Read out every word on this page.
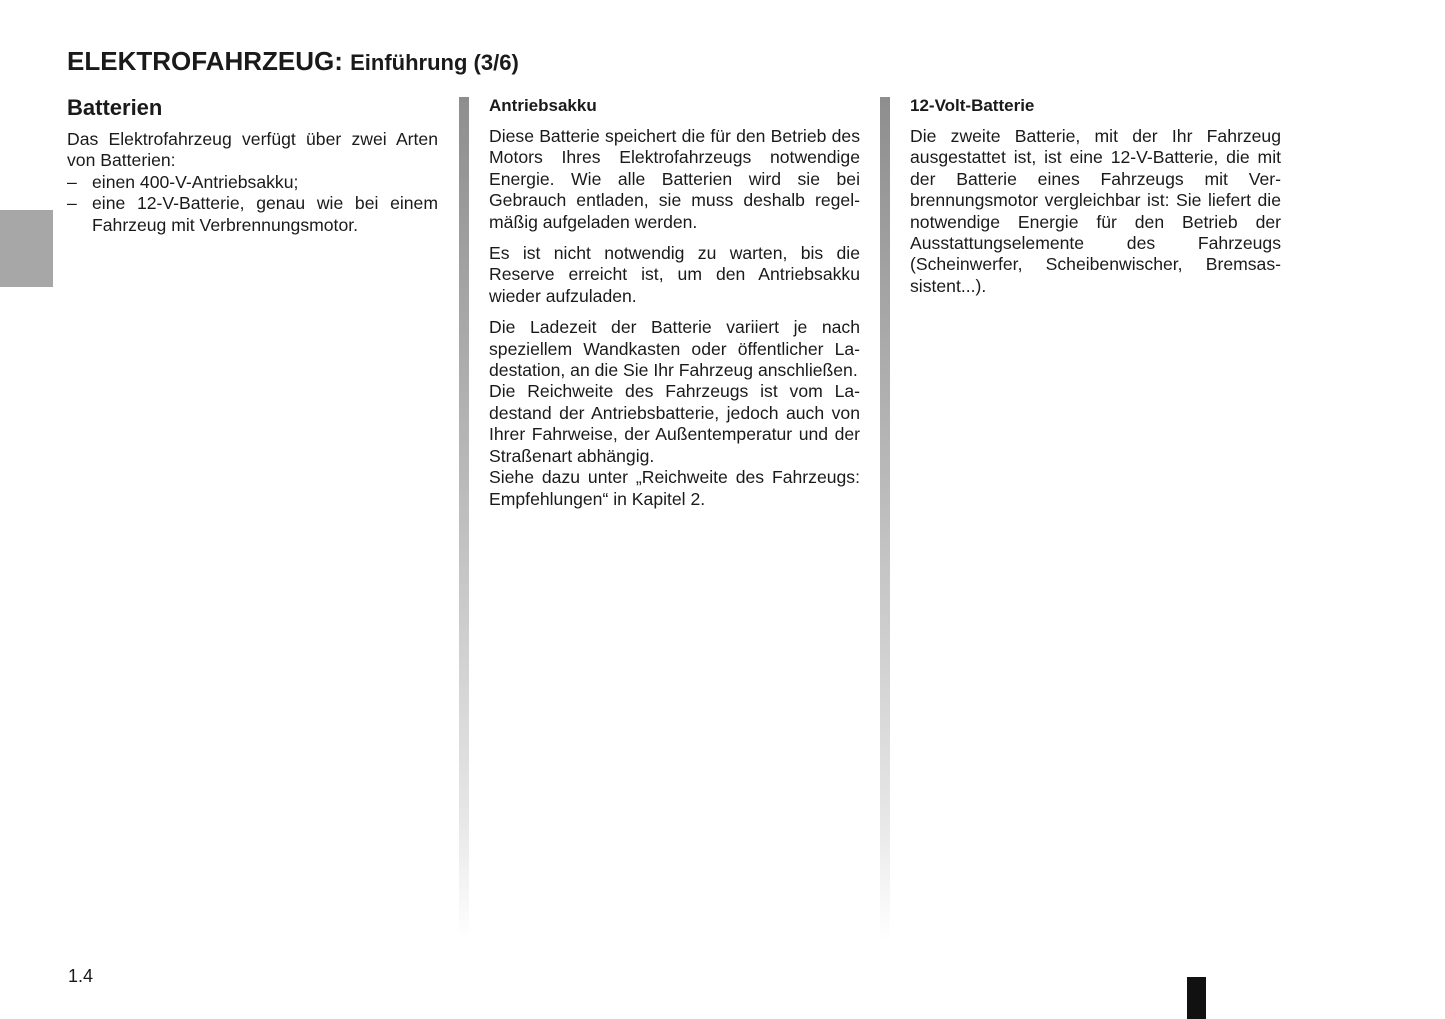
ELEKTROFAHRZEUG: Einführung (3/6)
Batterien

Das Elektrofahrzeug verfügt über zwei Arten von Batterien:

– einen 400-V-Antriebsakku;
– eine 12-V-Batterie, genau wie bei einem Fahrzeug mit Verbrennungsmotor.
Antriebsakku

Diese Batterie speichert die für den Betrieb des Motors Ihres Elektrofahrzeugs notwendige Energie. Wie alle Batterien wird sie bei Gebrauch entladen, sie muss deshalb regelmäßig aufgeladen werden.

Es ist nicht notwendig zu warten, bis die Reserve erreicht ist, um den Antriebsakku wieder aufzuladen.

Die Ladezeit der Batterie variiert je nach speziellem Wandkasten oder öffentlicher Ladestation, an die Sie Ihr Fahrzeug anschließen.

Die Reichweite des Fahrzeugs ist vom Ladestand der Antriebsbatterie, jedoch auch von Ihrer Fahrweise, der Außentemperatur und der Straßenart abhängig.

Siehe dazu unter „Reichweite des Fahrzeugs: Empfehlungen“ in Kapitel 2.

12-Volt-Batterie

Die zweite Batterie, mit der Ihr Fahrzeug ausgestattet ist, ist eine 12-V-Batterie, die mit der Batterie eines Fahrzeugs mit Verbrennungsmotor vergleichbar ist: Sie liefert die notwendige Energie für den Betrieb der Ausstattungselemente des Fahrzeugs (Scheinwerfer, Scheibenwischer, Bremsassistent...).

1.4
